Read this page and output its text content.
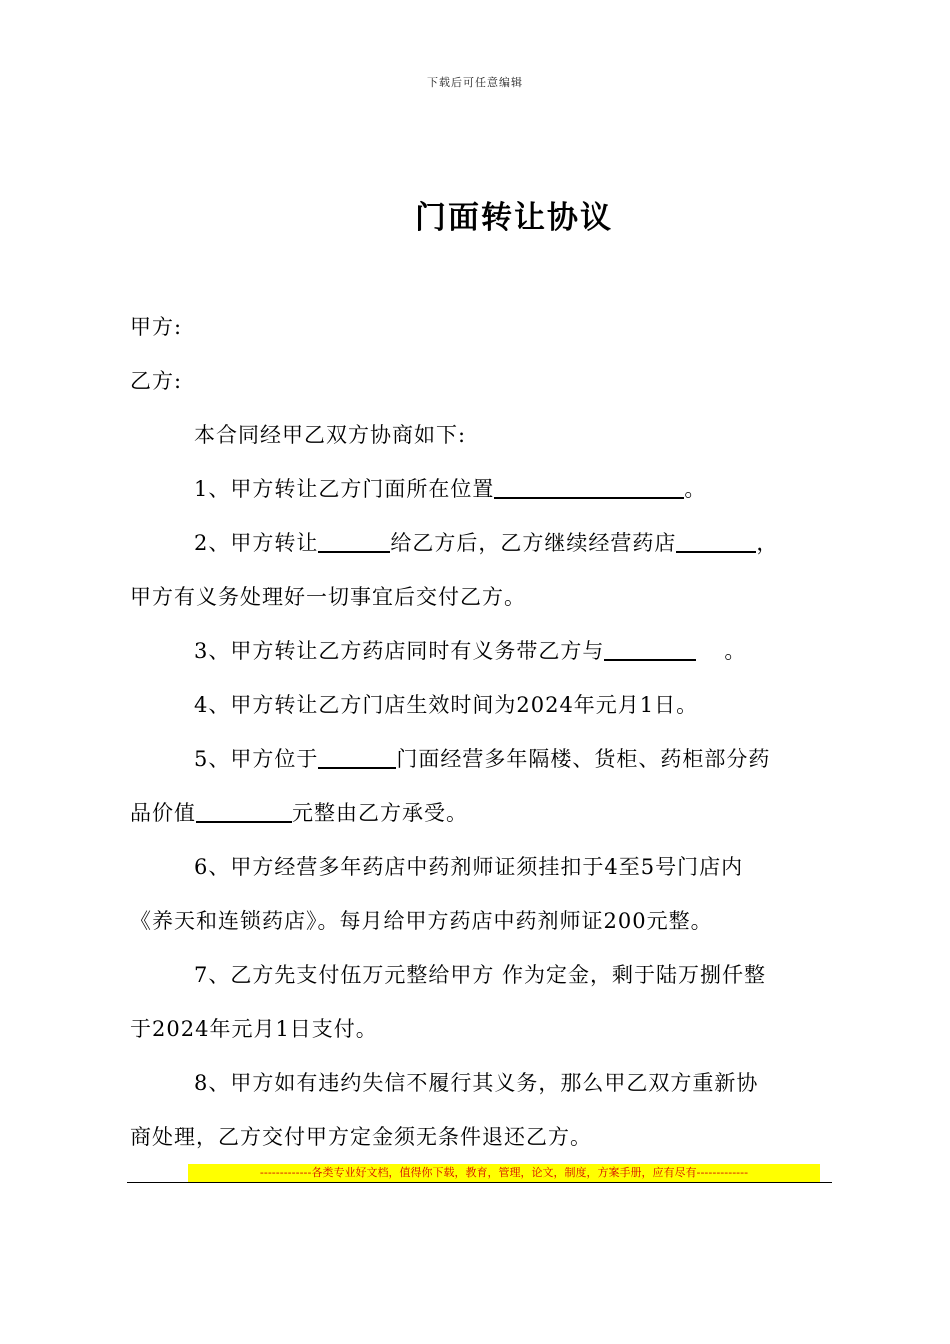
下载后可任意编辑
门面转让协议
甲方:
乙方:
本合同经甲乙双方协商如下:
1、甲方转让乙方门面所在位置	。
2、甲方转让	给乙方后，乙方继续经营药店	，
甲方有义务处理好一切事宜后交付乙方。
3、甲方转让乙方药店同时有义务带乙方与	。
4、甲方转让乙方门店生效时间为2024年元月1日。
5、甲方位于	门面经营多年隔楼、货柜、药柜部分药
品价值	元整由乙方承受。
6、甲方经营多年药店中药剂师证须挂扣于4至5号门店内
《养天和连锁药店》。每月给甲方药店中药剂师证200元整。
7、乙方先支付伍万元整给甲方 作为定金，剩于陆万捌仟整
于2024年元月1日支付。
8、甲方如有违约失信不履行其义务，那么甲乙双方重新协
商处理，乙方交付甲方定金须无条件退还乙方。
-------------各类专业好文档，值得你下载，教育，管理，论文，制度，方案手册，应有尽有-------------
